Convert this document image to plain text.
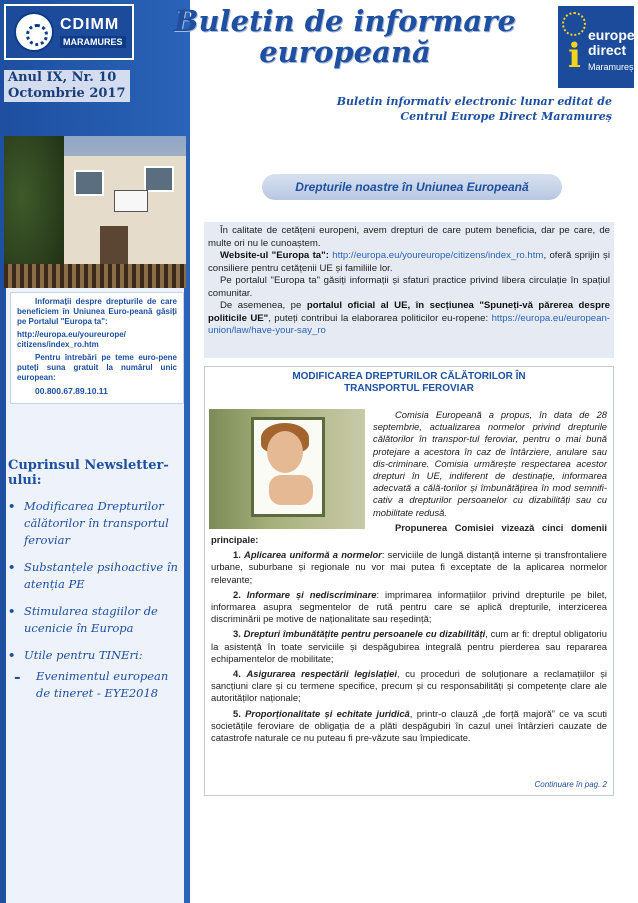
CDIMM
MARAMURES
Buletin de informare
europeană	i
europe
direct
Maramureș
Anul IX, Nr. 10
Octombrie 2017
Buletin informativ electronic lunar editat de
Centrul Europe Direct Maramureș

Informații despre drepturile de care beneficiem în Uniunea Euro-peană găsiți pe Portalul "Europa ta":

http://europa.eu/youreurope/ citizens/index_ro.htm

Pentru întrebări pe teme euro-pene puteți suna gratuit la numărul unic european:

00.800.67.89.10.11

Cuprinsul Newsletter-ului:
• Modificarea Drepturilor călătorilor în transportul feroviar
• Substanțele psihoactive în atenția PE
• Stimularea stagiilor de ucenicie în Europa
• Utile pentru TINEri:
- Evenimentul european de tineret - EYE2018
Drepturile noastre în Uniunea Europeană

În calitate de cetățeni europeni, avem drepturi de care putem beneficia, dar pe care, de multe ori nu le cunoaștem.

Website-ul "Europa ta": http://europa.eu/youreurope/citizens/index_ro.htm, oferă sprijin și consiliere pentru cetățenii UE și familiile lor.

Pe portalul "Europa ta" găsiți informații și sfaturi practice privind libera circulație în spațiul comunitar.

De asemenea, pe portalul oficial al UE, în secțiunea "Spuneți-vă părerea despre politicile UE", puteți contribui la elaborarea politicilor eu-ropene: https://europa.eu/european-union/law/have-your-say_ro

MODIFICAREA DREPTURILOR CĂLĂTORILOR ÎN
TRANSPORTUL FEROVIAR

Comisia Europeană a propus, în data de 28 septembrie, actualizarea normelor privind drepturile călătorilor în transpor-tul feroviar, pentru o mai bună protejare a acestora în caz de întârziere, anulare sau dis-criminare. Comisia urmărește respectarea acestor drepturi în UE, indiferent de destinație, informarea adecvată a călă-torilor și îmbunătățirea în mod semnifi-cativ a drepturilor persoanelor cu dizabilități sau cu mobilitate redusă.

Propunerea Comisiei vizează cinci domenii principale:

1. Aplicarea uniformă a normelor: serviciile de lungă distanță interne și transfrontaliere urbane, suburbane și regionale nu vor mai putea fi exceptate de la aplicarea normelor relevante;

2. Informare și nediscriminare: imprimarea informațiilor privind drepturile pe bilet, informarea asupra segmentelor de rută pentru care se aplică drepturile, interzicerea discriminării pe motive de naționalitate sau reședință;

3. Drepturi îmbunătățite pentru persoanele cu dizabilități, cum ar fi: dreptul obligatoriu la asistență în toate serviciile și despăgubirea integrală pentru pierderea sau repararea echipamentelor de mobilitate;

4. Asigurarea respectării legislației, cu proceduri de soluționare a reclamațiilor și sancțiuni clare și cu termene specifice, precum și cu responsabilități și competențe clare ale autorităților naționale;

5. Proporționalitate și echitate juridică, printr-o clauză „de forță majoră” ce va scuti societățile feroviare de obligația de a plăti despăgubiri în cazul unei întârzieri cauzate de catastrofe naturale ce nu puteau fi pre-văzute sau împiedicate.

Continuare în pag. 2
